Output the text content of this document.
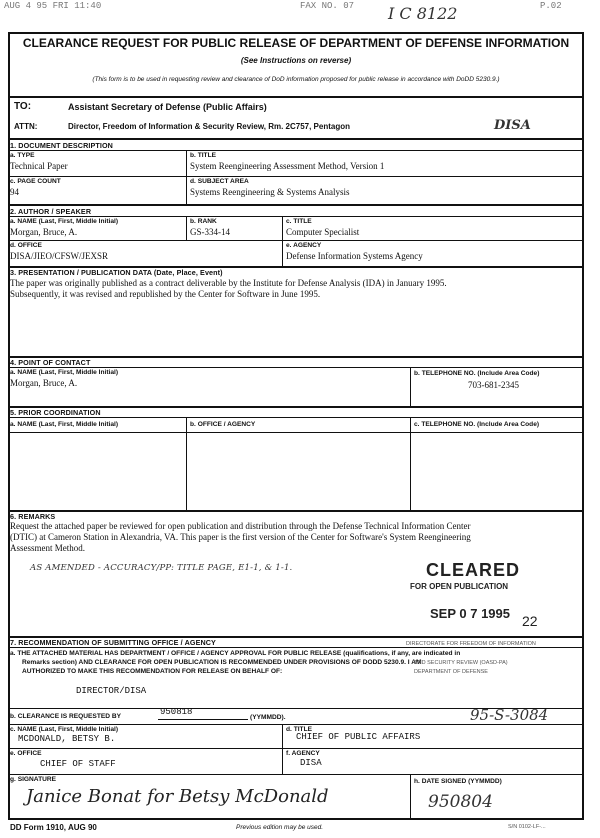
AUG 4 95 FRI 11:40	FAX NO. 07	P.02
I C 8122
CLEARANCE REQUEST FOR PUBLIC RELEASE OF DEPARTMENT OF DEFENSE INFORMATION
(See Instructions on reverse)
(This form is to be used in requesting review and clearance of DoD information proposed for public release in accordance with DoDD 5230.9.)
TO:	Assistant Secretary of Defense (Public Affairs)
ATTN:	Director, Freedom of Information & Security Review, Rm. 2C757, Pentagon	DISA
1. DOCUMENT DESCRIPTION
a. TYPE
Technical Paper
b. TITLE
System Reengineering Assessment Method, Version 1
c. PAGE COUNT
94
d. SUBJECT AREA
Systems Reengineering & Systems Analysis
2. AUTHOR / SPEAKER
a. NAME (Last, First, Middle Initial)
Morgan, Bruce, A.
b. RANK
GS-334-14
c. TITLE
Computer Specialist
d. OFFICE
DISA/JIEO/CFSW/JEXSR
e. AGENCY
Defense Information Systems Agency
3. PRESENTATION / PUBLICATION DATA (Date, Place, Event)
The paper was originally published as a contract deliverable by the Institute for Defense Analysis (IDA) in January 1995.
Subsequently, it was revised and republished by the Center for Software in June 1995.
4. POINT OF CONTACT
a. NAME (Last, First, Middle Initial)
Morgan, Bruce, A.
b. TELEPHONE NO. (Include Area Code)
703-681-2345
5. PRIOR COORDINATION
a. NAME (Last, First, Middle Initial)	b. OFFICE / AGENCY	c. TELEPHONE NO. (Include Area Code)
6. REMARKS
Request the attached paper be reviewed for open publication and distribution through the Defense Technical Information Center
(DTIC) at Cameron Station in Alexandria, VA. This paper is the first version of the Center for Software's System Reengineering
Assessment Method.
AS AMENDED - ACCURACY/PP: TITLE PAGE, E1-1, & 1-1.	CLEARED
FOR OPEN PUBLICATION
SEP 0 7 1995 22
7. RECOMMENDATION OF SUBMITTING OFFICE / AGENCY
a. THE ATTACHED MATERIAL HAS DEPARTMENT / OFFICE / AGENCY APPROVAL FOR PUBLIC RELEASE (qualifications, if any, are indicated in
Remarks section) AND CLEARANCE FOR OPEN PUBLICATION IS RECOMMENDED UNDER PROVISIONS OF DODD 5230.9. I AM
AUTHORIZED TO MAKE THIS RECOMMENDATION FOR RELEASE ON BEHALF OF:
DIRECTORATE FOR FREEDOM OF INFORMATION
AND SECURITY REVIEW (OASD-PA)
DEPARTMENT OF DEFENSE
DIRECTOR/DISA
b. CLEARANCE IS REQUESTED BY	950818
(YYMMDD).	95-S-3084
c. NAME (Last, First, Middle Initial)
MCDONALD, BETSY B.
d. TITLE
CHIEF OF PUBLIC AFFAIRS
e. OFFICE
CHIEF OF STAFF
f. AGENCY
DISA
g. SIGNATURE
Janice Bonat for Betsy McDonald
h. DATE SIGNED (YYMMDD)
950804
DD Form 1910, AUG 90	Previous edition may be used.	S/N 0102-LF-...
